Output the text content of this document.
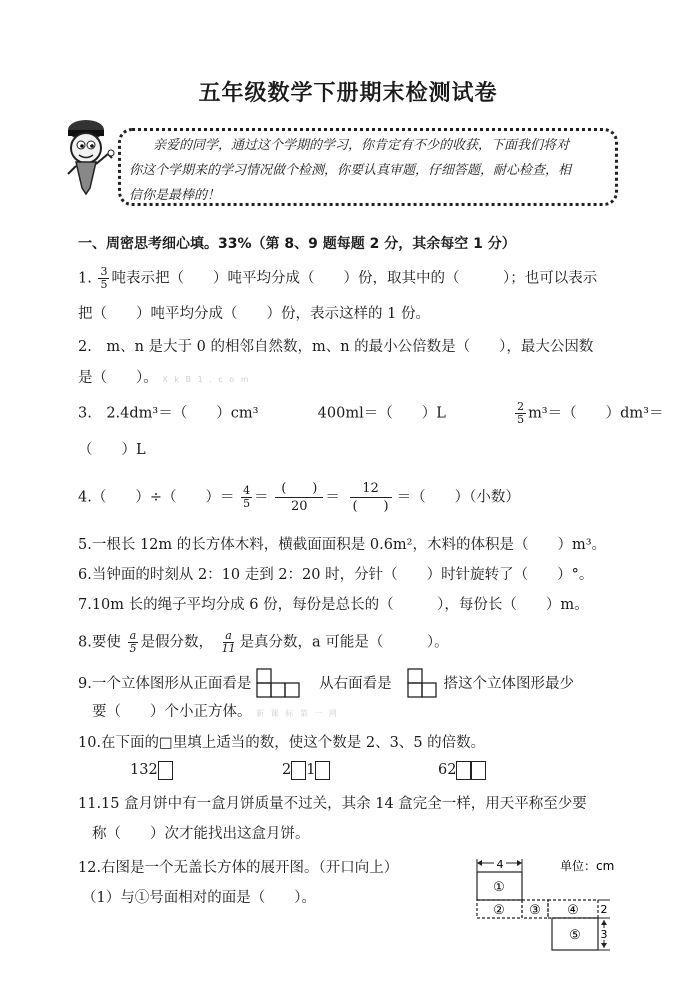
五年级数学下册期末检测试卷
亲爱的同学，通过这个学期的学习，你肯定有不少的收获，下面我们将对
你这个学期来的学习情况做个检测，你要认真审题，仔细答题，耐心检查，相
信你是最棒的！
一、周密思考细心填。33%（第 8、9 题每题 2 分，其余每空 1 分）
1. $\frac{3}{5}$ 吨表示把（　　）吨平均分成（　　）份，取其中的（　　　）；也可以表示
把（　　）吨平均分成（　　）份，表示这样的 1 份。
2.　m、n 是大于 0 的相邻自然数，m、n 的最小公倍数是（　　），最大公因数
是（　　）。 X k B 1 . c o m
3.　2.4dm³＝（　　）cm³	400ml＝（　　）L	$\frac{2}{5} m^3=$（　　）dm³＝
（　　）L
4.（　　）÷（　　）＝ $\frac{4}{5} = \frac{( )}{20} = \frac{12}{( )}$ ＝（　　）（小数）
5.一根长 12m 的长方体木料，横截面面积是 0.6m²，木料的体积是（　　）m³。
6.当钟面的时刻从 2：10 走到 2：20 时，分针（　　）时针旋转了（　　）°。
7.10m 长的绳子平均分成 6 份，每份是总长的（　　　），每份长（　　）m。
8.要使 $\frac{a}{5}$ 是假分数， $\frac{a}{11}$ 是真分数，a 可能是（　　　）。
9.一个立体图形从正面看是	从右面看是	搭这个立体图形最少
要（　　）个小正方体。 新 课 标 第 一 网
10.在下面的□里填上适当的数，使这个数是 2、3、5 的倍数。
132	2 1	62
11.15 盒月饼中有一盒月饼质量不过关，其余 14 盒完全一样，用天平称至少要
称（　　）次才能找出这盒月饼。
12.右图是一个无盖长方体的展开图。（开口向上）
（1）与①号面相对的面是（　　）。
4	单位：cm
①
② ③ ④
⑤
2
3
